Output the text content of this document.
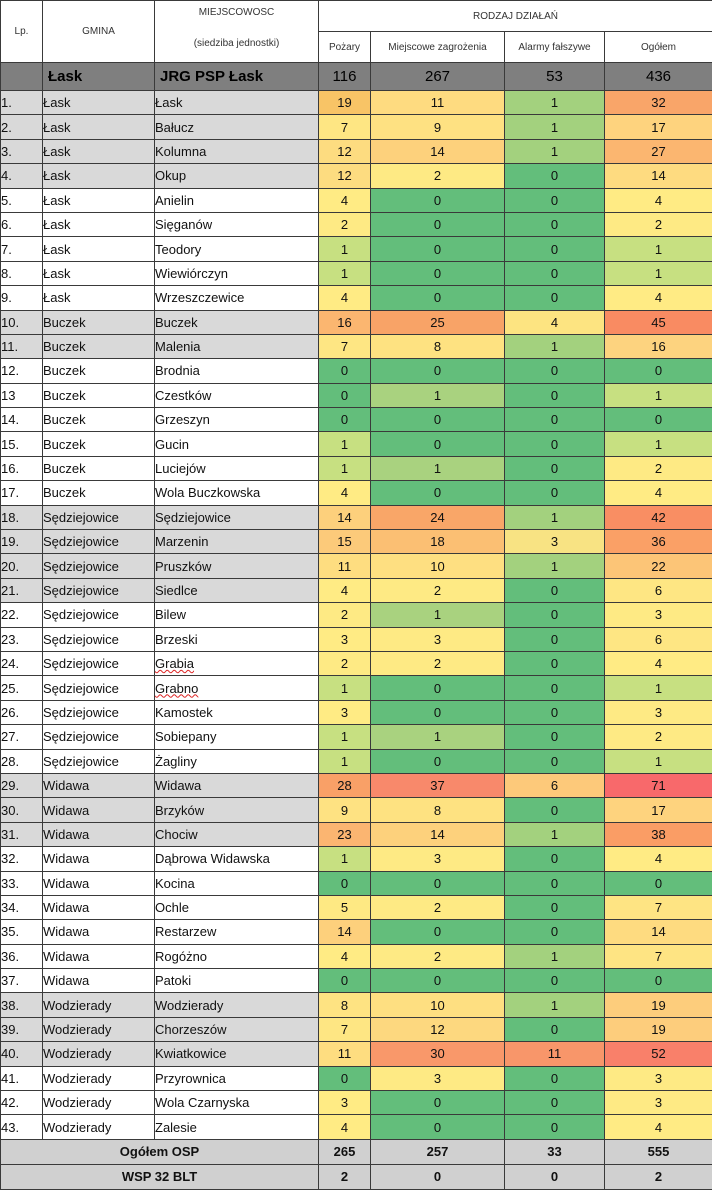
Lp.	GMINA	MIEJSCOWOSC
(siedziba jednostki)	RODZAJ DZIAŁAŃ			
			Pożary	Miejscowe zagrożenia	Alarmy fałszywe	Ogółem
	Łask	JRG PSP Łask	116	267	53	436
1.	Łask	Łask	19	11	1	32
2.	Łask	Bałucz	7	9	1	17
3.	Łask	Kolumna	12	14	1	27
4.	Łask	Okup	12	2	0	14
5.	Łask	Anielin	4	0	0	4
6.	Łask	Sięganów	2	0	0	2
7.	Łask	Teodory	1	0	0	1
8.	Łask	Wiewiórczyn	1	0	0	1
9.	Łask	Wrzeszczewice	4	0	0	4
10.	Buczek	Buczek	16	25	4	45
11.	Buczek	Malenia	7	8	1	16
12.	Buczek	Brodnia	0	0	0	0
13	Buczek	Czestków	0	1	0	1
14.	Buczek	Grzeszyn	0	0	0	0
15.	Buczek	Gucin	1	0	0	1
16.	Buczek	Luciejów	1	1	0	2
17.	Buczek	Wola Buczkowska	4	0	0	4
18.	Sędziejowice	Sędziejowice	14	24	1	42
19.	Sędziejowice	Marzenin	15	18	3	36
20.	Sędziejowice	Pruszków	11	10	1	22
21.	Sędziejowice	Siedlce	4	2	0	6
22.	Sędziejowice	Bilew	2	1	0	3
23.	Sędziejowice	Brzeski	3	3	0	6
24.	Sędziejowice	Grabia	2	2	0	4
25.	Sędziejowice	Grabno	1	0	0	1
26.	Sędziejowice	Kamostek	3	0	0	3
27.	Sędziejowice	Sobiepany	1	1	0	2
28.	Sędziejowice	Żagliny	1	0	0	1
29.	Widawa	Widawa	28	37	6	71
30.	Widawa	Brzyków	9	8	0	17
31.	Widawa	Chociw	23	14	1	38
32.	Widawa	Dąbrowa Widawska	1	3	0	4
33.	Widawa	Kocina	0	0	0	0
34.	Widawa	Ochle	5	2	0	7
35.	Widawa	Restarzew	14	0	0	14
36.	Widawa	Rogóżno	4	2	1	7
37.	Widawa	Patoki	0	0	0	0
38.	Wodzierady	Wodzierady	8	10	1	19
39.	Wodzierady	Chorzeszów	7	12	0	19
40.	Wodzierady	Kwiatkowice	11	30	11	52
41.	Wodzierady	Przyrownica	0	3	0	3
42.	Wodzierady	Wola Czarnyska	3	0	0	3
43.	Wodzierady	Zalesie	4	0	0	4
Ogółem OSP			265	257	33	555
WSP 32 BLT			2	0	0	2
